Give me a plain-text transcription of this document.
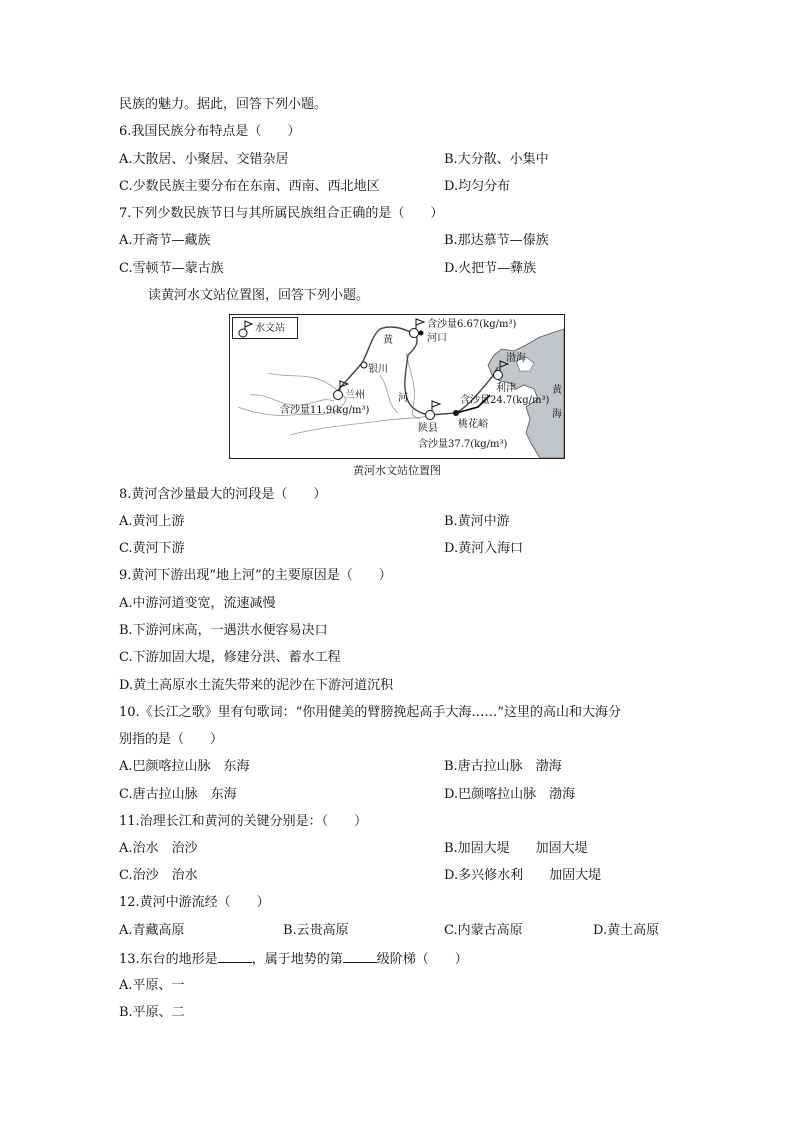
民族的魅力。据此，回答下列小题。
6.我国民族分布特点是（　　）
A.大散居、小聚居、交错杂居	B.大分散、小集中
C.少数民族主要分布在东南、西南、西北地区	D.均匀分布
7.下列少数民族节日与其所属民族组合正确的是（　　）
A.开斋节—藏族	B.那达慕节—傣族
C.雪顿节—蒙古族	D.火把节—彝族
读黄河水文站位置图，回答下列小题。
水文站	含沙量6.67(kg/m³)
河口
黄
银川
河
兰州
含沙量11.9(kg/m³)
陕县
含沙量37.7(kg/m³)
桃花峪
利津
含沙量24.7(kg/m³)
渤海
黄
海
黄河水文站位置图
8.黄河含沙量最大的河段是（　　）
A.黄河上游	B.黄河中游
C.黄河下游	D.黄河入海口
9.黄河下游出现“地上河”的主要原因是（　　）
A.中游河道变宽，流速减慢
B.下游河床高，一遇洪水便容易决口
C.下游加固大堤，修建分洪、蓄水工程
D.黄土高原水土流失带来的泥沙在下游河道沉积
10.《长江之歌》里有句歌词：“你用健美的臂膀挽起高手大海……”这里的高山和大海分
别指的是（　　）
A.巴颜喀拉山脉　东海	B.唐古拉山脉　渤海
C.唐古拉山脉　东海	D.巴颜喀拉山脉　渤海
11.治理长江和黄河的关键分别是：（　　）
A.治水　治沙	B.加固大堤　　加固大堤
C.治沙　治水	D.多兴修水利　　加固大堤
12.黄河中游流经（　　）
A.青藏高原	B.云贵高原	C.内蒙古高原	D.黄土高原
13.东台的地形是	，属于地势的第	级阶梯（　　）
A.平原、一
B.平原、二
